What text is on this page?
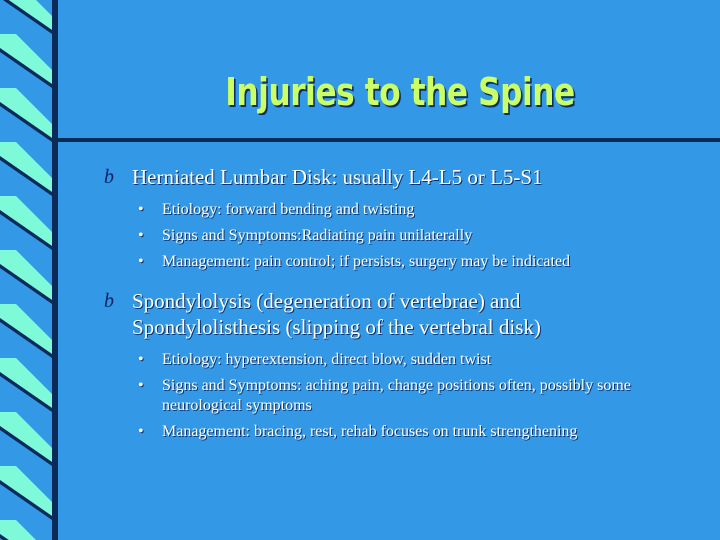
Injuries to the Spine
b Herniated Lumbar Disk: usually L4-L5 or L5-S1
• Etiology: forward bending and twisting
• Signs and Symptoms:Radiating pain unilaterally
• Management: pain control; if persists, surgery may be indicated
b Spondylolysis (degeneration of vertebrae) and Spondylolisthesis (slipping of the vertebral disk)
• Etiology: hyperextension, direct blow, sudden twist
• Signs and Symptoms: aching pain, change positions often, possibly some neurological symptoms
• Management: bracing, rest, rehab focuses on trunk strengthening
